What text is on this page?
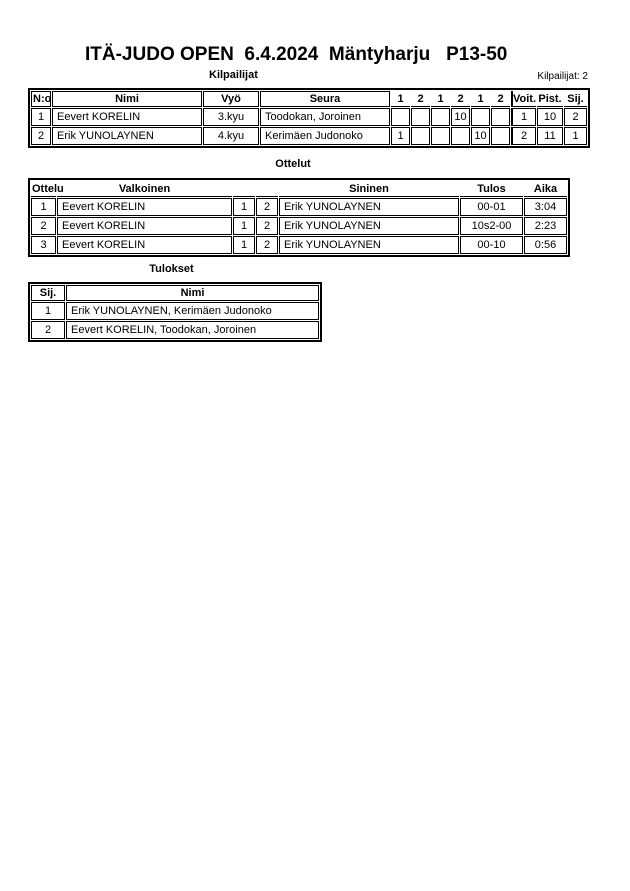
ITÄ-JUDO OPEN  6.4.2024  Mäntyharju   P13-50
Kilpailijat	Kilpailijat: 2
N:o	Nimi	Vyö	Seura	1	2	1	2	1	2	Voit.	Pist.	Sij.
1	Eevert KORELIN	3.kyu	Toodokan, Joroinen				10			1	10	2
2	Erik YUNOLAYNEN	4.kyu	Kerimäen Judonoko	1				10		2	11	1
Ottelut
Ottelu	Valkoinen			Sininen	Tulos	Aika
1	Eevert KORELIN	1	2	Erik YUNOLAYNEN	00-01	3:04
2	Eevert KORELIN	1	2	Erik YUNOLAYNEN	10s2-00	2:23
3	Eevert KORELIN	1	2	Erik YUNOLAYNEN	00-10	0:56
Tulokset
Sij.	Nimi
1	Erik YUNOLAYNEN, Kerimäen Judonoko
2	Eevert KORELIN, Toodokan, Joroinen
